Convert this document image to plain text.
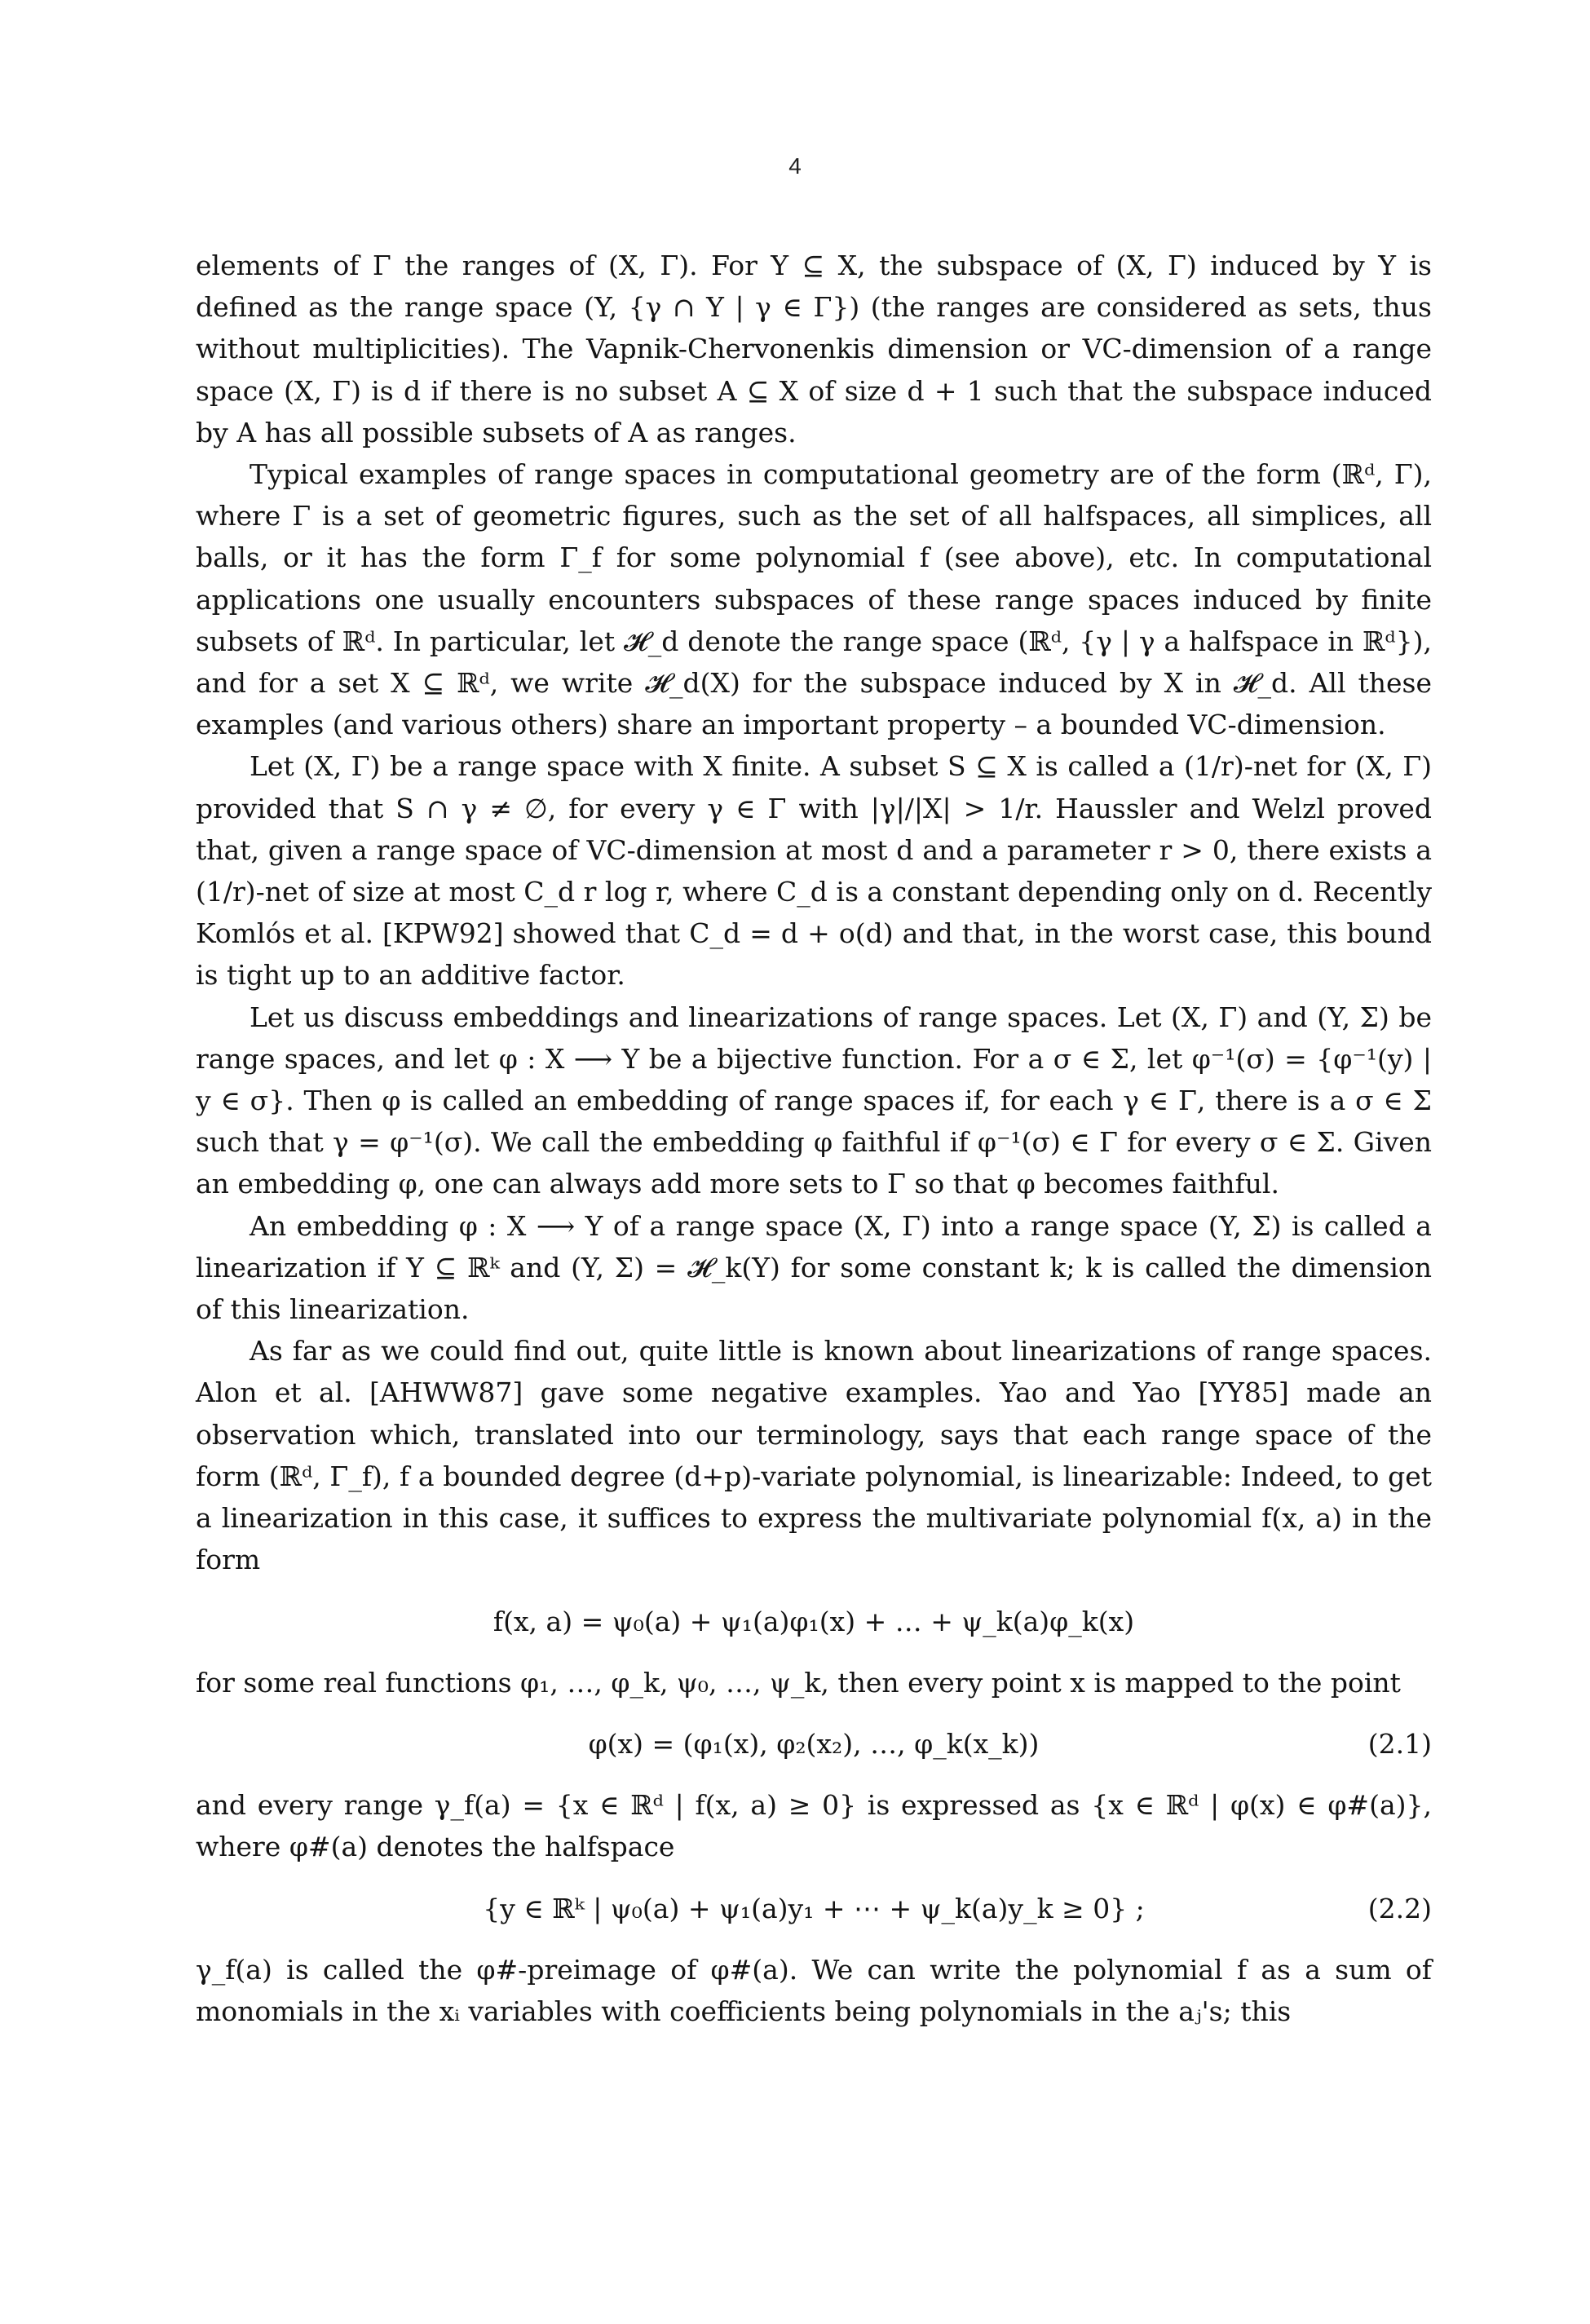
4

elements of Γ the ranges of (X, Γ). For Y ⊆ X, the subspace of (X, Γ) induced by Y is defined as the range space (Y, {γ ∩ Y | γ ∈ Γ}) (the ranges are considered as sets, thus without multiplicities). The Vapnik-Chervonenkis dimension or VC-dimension of a range space (X, Γ) is d if there is no subset A ⊆ X of size d + 1 such that the subspace induced by A has all possible subsets of A as ranges.

Typical examples of range spaces in computational geometry are of the form (ℝᵈ, Γ), where Γ is a set of geometric figures, such as the set of all halfspaces, all simplices, all balls, or it has the form Γ_f for some polynomial f (see above), etc. In computational applications one usually encounters subspaces of these range spaces induced by finite subsets of ℝᵈ. In particular, let 𝓗_d denote the range space (ℝᵈ, {γ | γ a halfspace in ℝᵈ}), and for a set X ⊆ ℝᵈ, we write 𝓗_d(X) for the subspace induced by X in 𝓗_d. All these examples (and various others) share an important property – a bounded VC-dimension.

Let (X, Γ) be a range space with X finite. A subset S ⊆ X is called a (1/r)-net for (X, Γ) provided that S ∩ γ ≠ ∅, for every γ ∈ Γ with |γ|/|X| > 1/r. Haussler and Welzl proved that, given a range space of VC-dimension at most d and a parameter r > 0, there exists a (1/r)-net of size at most C_d r log r, where C_d is a constant depending only on d. Recently Komlós et al. [KPW92] showed that C_d = d + o(d) and that, in the worst case, this bound is tight up to an additive factor.

Let us discuss embeddings and linearizations of range spaces. Let (X, Γ) and (Y, Σ) be range spaces, and let φ : X ⟶ Y be a bijective function. For a σ ∈ Σ, let φ⁻¹(σ) = {φ⁻¹(y) | y ∈ σ}. Then φ is called an embedding of range spaces if, for each γ ∈ Γ, there is a σ ∈ Σ such that γ = φ⁻¹(σ). We call the embedding φ faithful if φ⁻¹(σ) ∈ Γ for every σ ∈ Σ. Given an embedding φ, one can always add more sets to Γ so that φ becomes faithful.

An embedding φ : X ⟶ Y of a range space (X, Γ) into a range space (Y, Σ) is called a linearization if Y ⊆ ℝᵏ and (Y, Σ) = 𝓗_k(Y) for some constant k; k is called the dimension of this linearization.

As far as we could find out, quite little is known about linearizations of range spaces. Alon et al. [AHWW87] gave some negative examples. Yao and Yao [YY85] made an observation which, translated into our terminology, says that each range space of the form (ℝᵈ, Γ_f), f a bounded degree (d+p)-variate polynomial, is linearizable: Indeed, to get a linearization in this case, it suffices to express the multivariate polynomial f(x, a) in the form

f(x, a) = ψ₀(a) + ψ₁(a)φ₁(x) + … + ψ_k(a)φ_k(x)

for some real functions φ₁, …, φ_k, ψ₀, …, ψ_k, then every point x is mapped to the point

φ(x) = (φ₁(x), φ₂(x₂), …, φ_k(x_k))	(2.1)

and every range γ_f(a) = {x ∈ ℝᵈ | f(x, a) ≥ 0} is expressed as {x ∈ ℝᵈ | φ(x) ∈ φ#(a)}, where φ#(a) denotes the halfspace

{y ∈ ℝᵏ | ψ₀(a) + ψ₁(a)y₁ + ⋯ + ψ_k(a)y_k ≥ 0} ;	(2.2)

γ_f(a) is called the φ#-preimage of φ#(a). We can write the polynomial f as a sum of monomials in the xᵢ variables with coefficients being polynomials in the aⱼ's; this
